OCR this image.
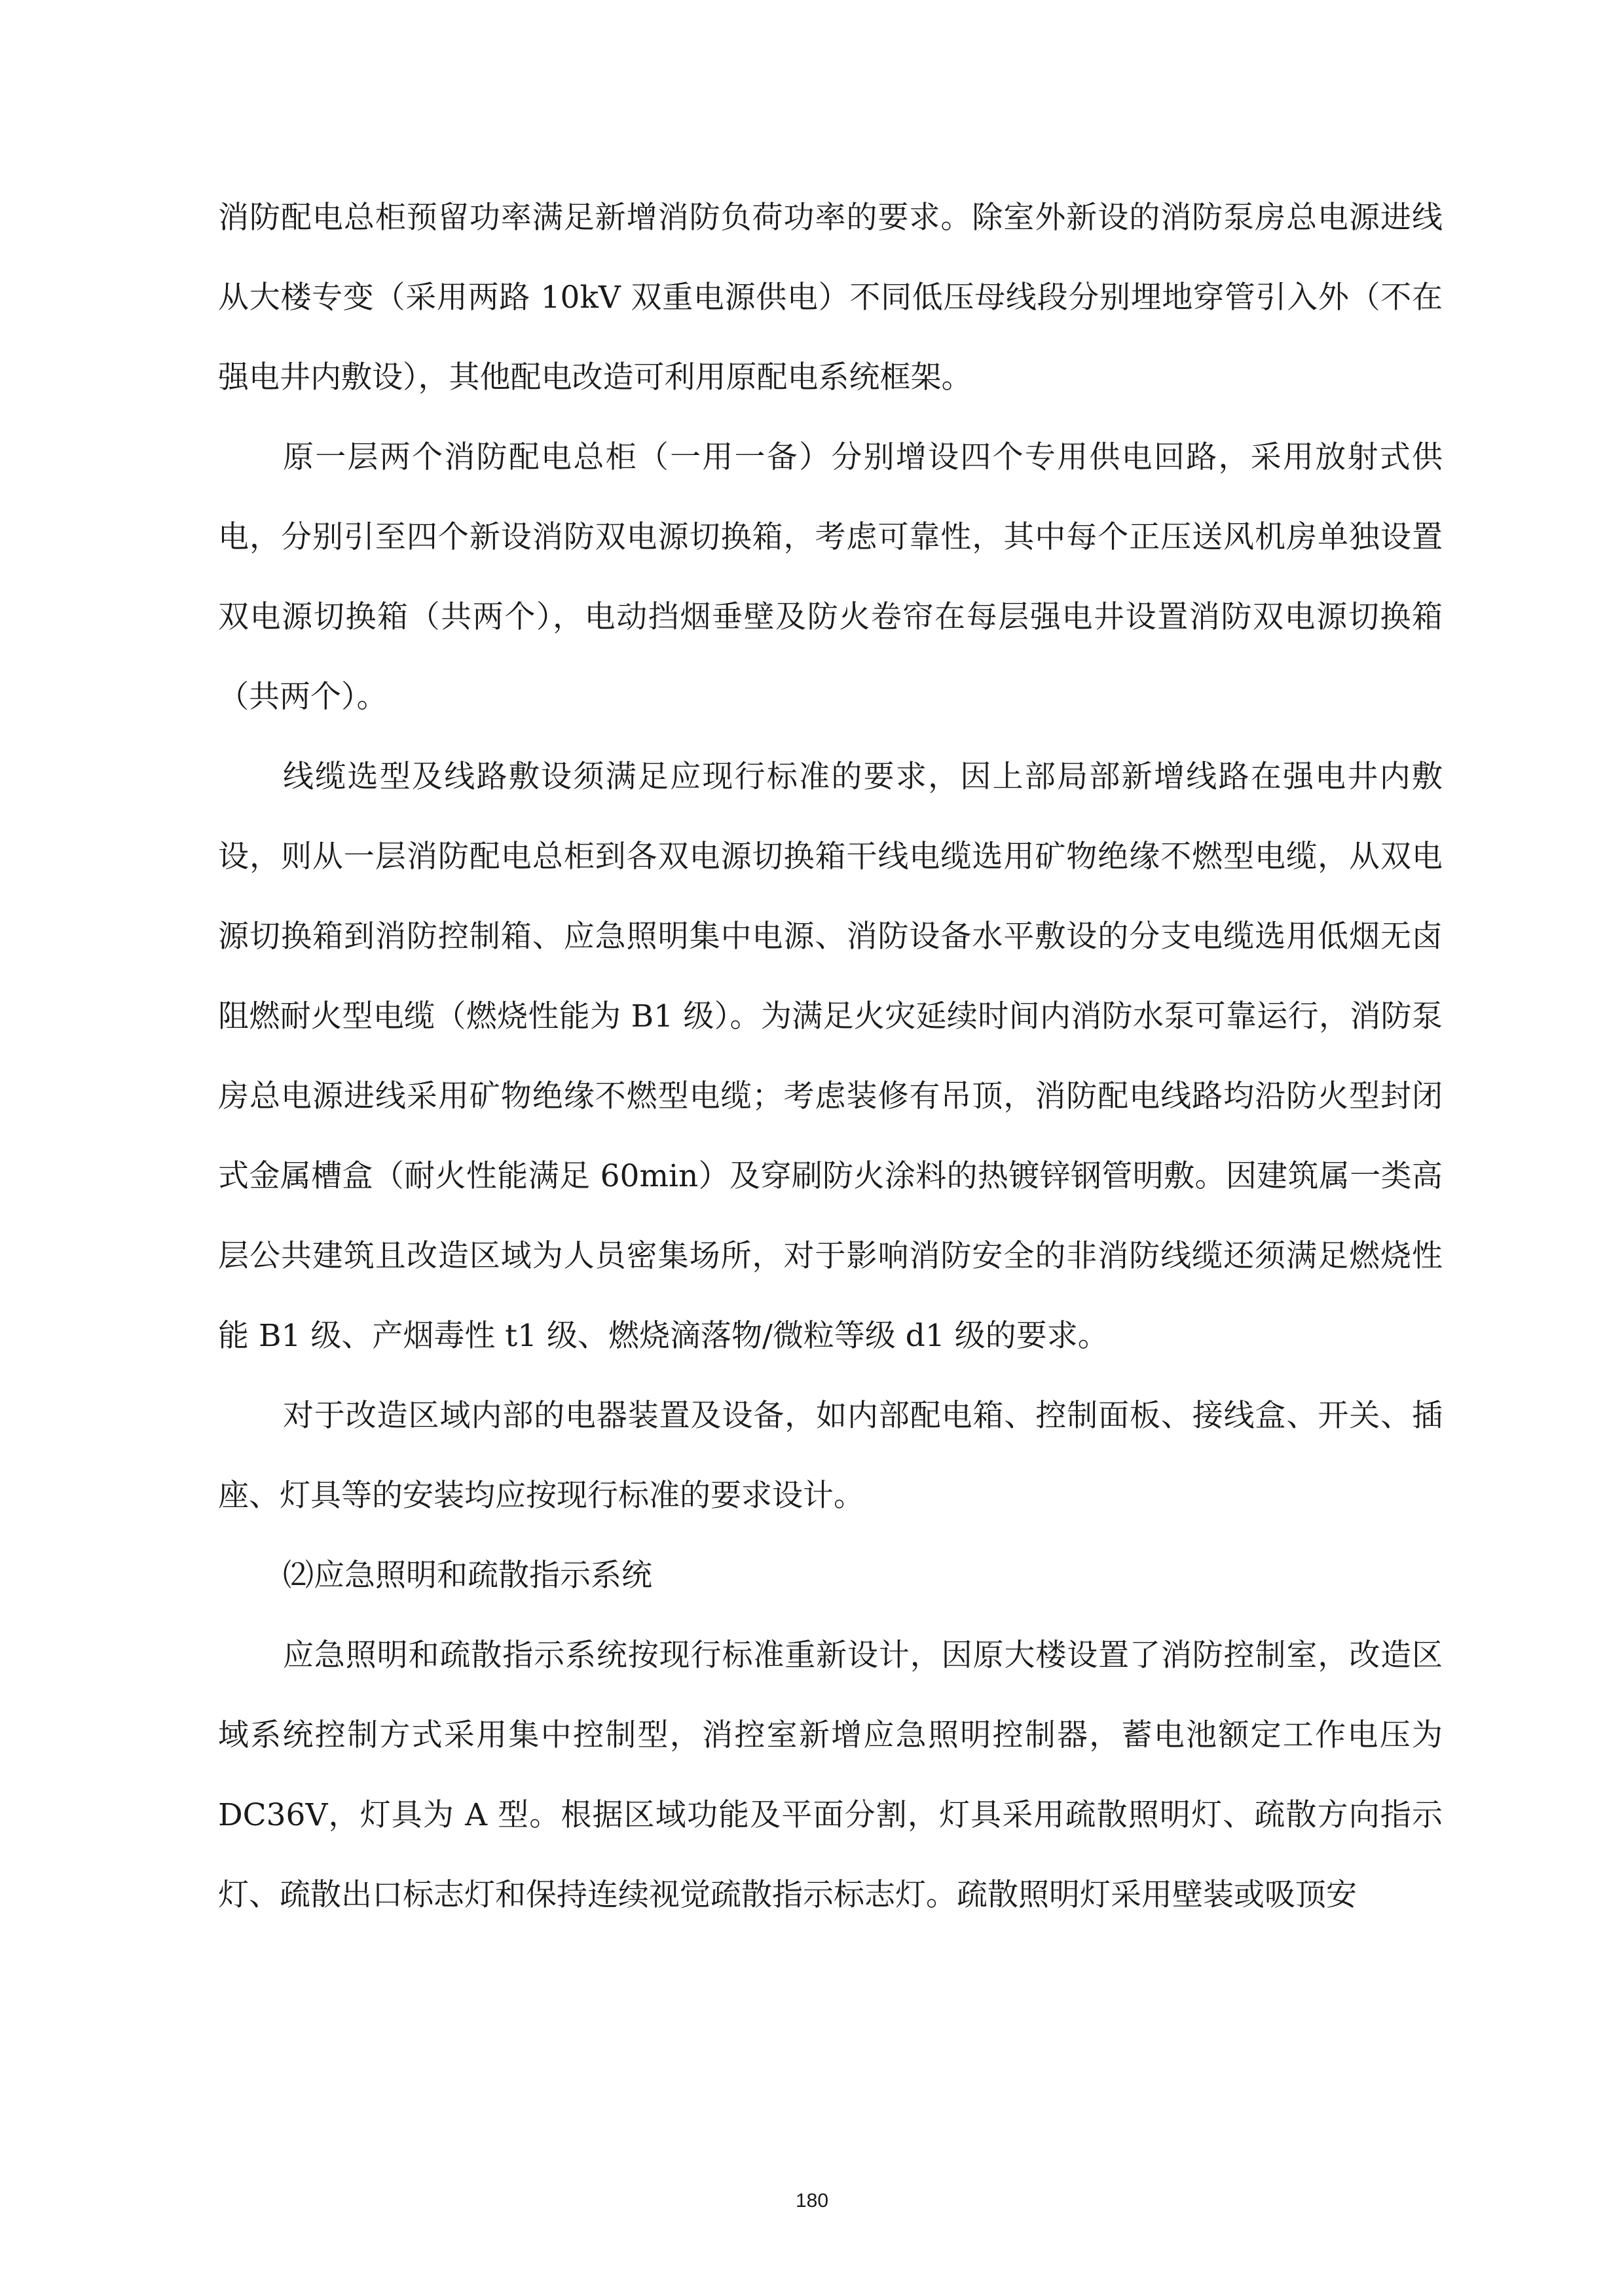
消防配电总柜预留功率满足新增消防负荷功率的要求。除室外新设的消防泵房总电源进线从大楼专变（采用两路 10kV 双重电源供电）不同低压母线段分别埋地穿管引入外（不在强电井内敷设），其他配电改造可利用原配电系统框架。

原一层两个消防配电总柜（一用一备）分别增设四个专用供电回路，采用放射式供电，分别引至四个新设消防双电源切换箱，考虑可靠性，其中每个正压送风机房单独设置双电源切换箱（共两个），电动挡烟垂壁及防火卷帘在每层强电井设置消防双电源切换箱（共两个）。

线缆选型及线路敷设须满足应现行标准的要求，因上部局部新增线路在强电井内敷设，则从一层消防配电总柜到各双电源切换箱干线电缆选用矿物绝缘不燃型电缆，从双电源切换箱到消防控制箱、应急照明集中电源、消防设备水平敷设的分支电缆选用低烟无卤阻燃耐火型电缆（燃烧性能为 B1 级）。为满足火灾延续时间内消防水泵可靠运行，消防泵房总电源进线采用矿物绝缘不燃型电缆；考虑装修有吊顶，消防配电线路均沿防火型封闭式金属槽盒（耐火性能满足 60min）及穿刷防火涂料的热镀锌钢管明敷。因建筑属一类高层公共建筑且改造区域为人员密集场所，对于影响消防安全的非消防线缆还须满足燃烧性能 B1 级、产烟毒性 t1 级、燃烧滴落物/微粒等级 d1 级的要求。

对于改造区域内部的电器装置及设备，如内部配电箱、控制面板、接线盒、开关、插座、灯具等的安装均应按现行标准的要求设计。

⑵应急照明和疏散指示系统

应急照明和疏散指示系统按现行标准重新设计，因原大楼设置了消防控制室，改造区域系统控制方式采用集中控制型，消控室新增应急照明控制器，蓄电池额定工作电压为 DC36V，灯具为 A 型。根据区域功能及平面分割，灯具采用疏散照明灯、疏散方向指示灯、疏散出口标志灯和保持连续视觉疏散指示标志灯。疏散照明灯采用壁装或吸顶安

180
